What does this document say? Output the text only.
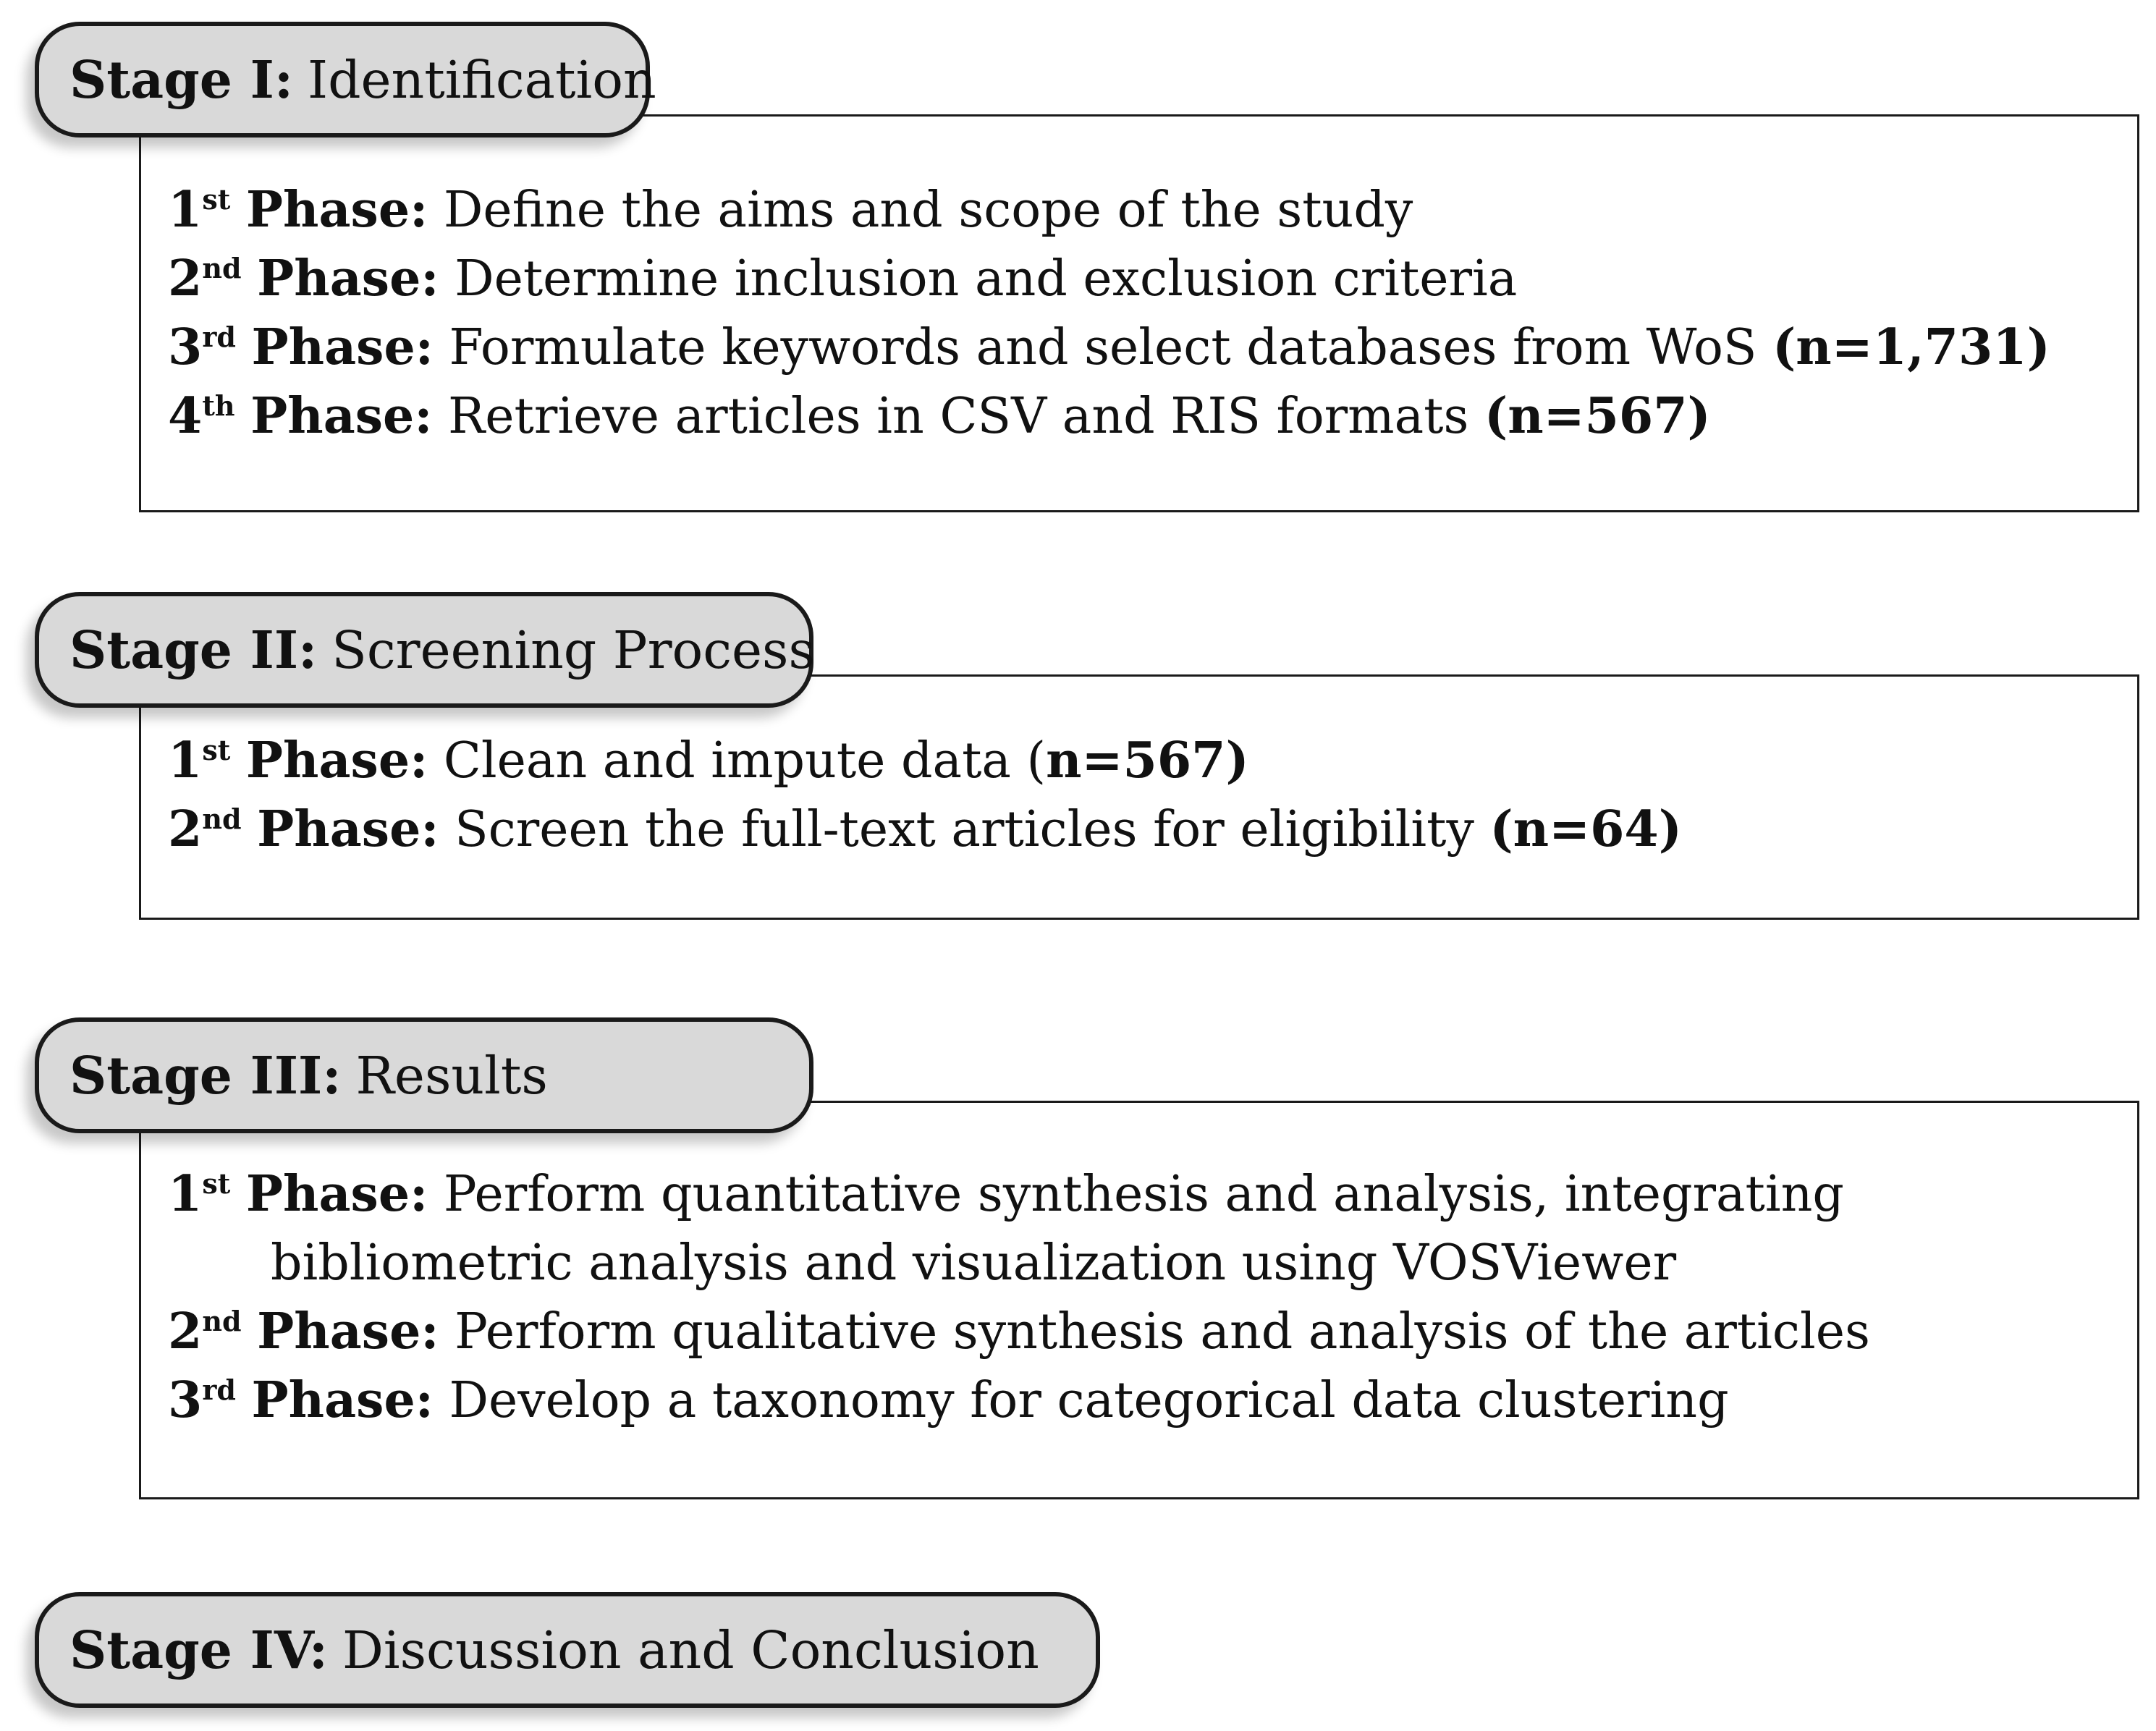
1st Phase: Define the aims and scope of the study
2nd Phase: Determine inclusion and exclusion criteria
3rd Phase: Formulate keywords and select databases from WoS (n=1,731)
4th Phase: Retrieve articles in CSV and RIS formats (n=567)
Stage I: Identification
1st Phase: Clean and impute data (n=567)
2nd Phase: Screen the full-text articles for eligibility (n=64)
Stage II: Screening Process
1st Phase: Perform quantitative synthesis and analysis, integrating
bibliometric analysis and visualization using VOSViewer
2nd Phase: Perform qualitative synthesis and analysis of the articles
3rd Phase: Develop a taxonomy for categorical data clustering
Stage III: Results
Stage IV: Discussion and Conclusion
